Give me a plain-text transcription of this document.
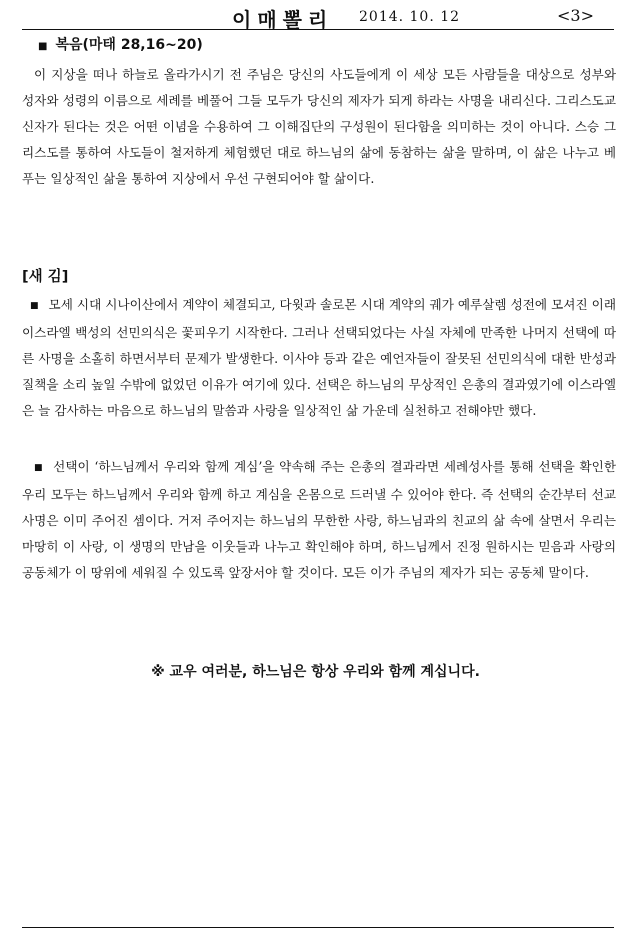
이매뽈리 2014. 10. 12	<3>
■ 복음(마태 28,16~20)
이 지상을 떠나 하늘로 올라가시기 전 주님은 당신의 사도들에게 이 세상 모든 사람들을 대상으로 성부와 성자와 성령의 이름으로 세례를 베풀어 그들 모두가 당신의 제자가 되게 하라는 사명을 내리신다. 그리스도교 신자가 된다는 것은 어떤 이념을 수용하여 그 이해집단의 구성원이 된다함을 의미하는 것이 아니다. 스승 그리스도를 통하여 사도들이 철저하게 체험했던 대로 하느님의 삶에 동참하는 삶을 말하며, 이 삶은 나누고 베푸는 일상적인 삶을 통하여 지상에서 우선 구현되어야 할 삶이다.
[새 김]
■ 모세 시대 시나이산에서 계약이 체결되고, 다윗과 솔로몬 시대 계약의 궤가 예루살렘 성전에 모셔진 이래 이스라엘 백성의 선민의식은 꽃피우기 시작한다. 그러나 선택되었다는 사실 자체에 만족한 나머지 선택에 따른 사명을 소홀히 하면서부터 문제가 발생한다. 이사야 등과 같은 예언자들이 잘못된 선민의식에 대한 반성과 질책을 소리 높일 수밖에 없었던 이유가 여기에 있다. 선택은 하느님의 무상적인 은총의 결과였기에 이스라엘은 늘 감사하는 마음으로 하느님의 말씀과 사랑을 일상적인 삶 가운데 실천하고 전해야만 했다.
■ 선택이 ‘하느님께서 우리와 함께 계심’을 약속해 주는 은총의 결과라면 세례성사를 통해 선택을 확인한 우리 모두는 하느님께서 우리와 함께 하고 계심을 온몸으로 드러낼 수 있어야 한다. 즉 선택의 순간부터 선교사명은 이미 주어진 셈이다. 거저 주어지는 하느님의 무한한 사랑, 하느님과의 친교의 삶 속에 살면서 우리는 마땅히 이 사랑, 이 생명의 만남을 이웃들과 나누고 확인해야 하며, 하느님께서 진정 원하시는 믿음과 사랑의 공동체가 이 땅위에 세워질 수 있도록 앞장서야 할 것이다. 모든 이가 주님의 제자가 되는 공동체 말이다.
※ 교우 여러분, 하느님은 항상 우리와 함께 계십니다.
